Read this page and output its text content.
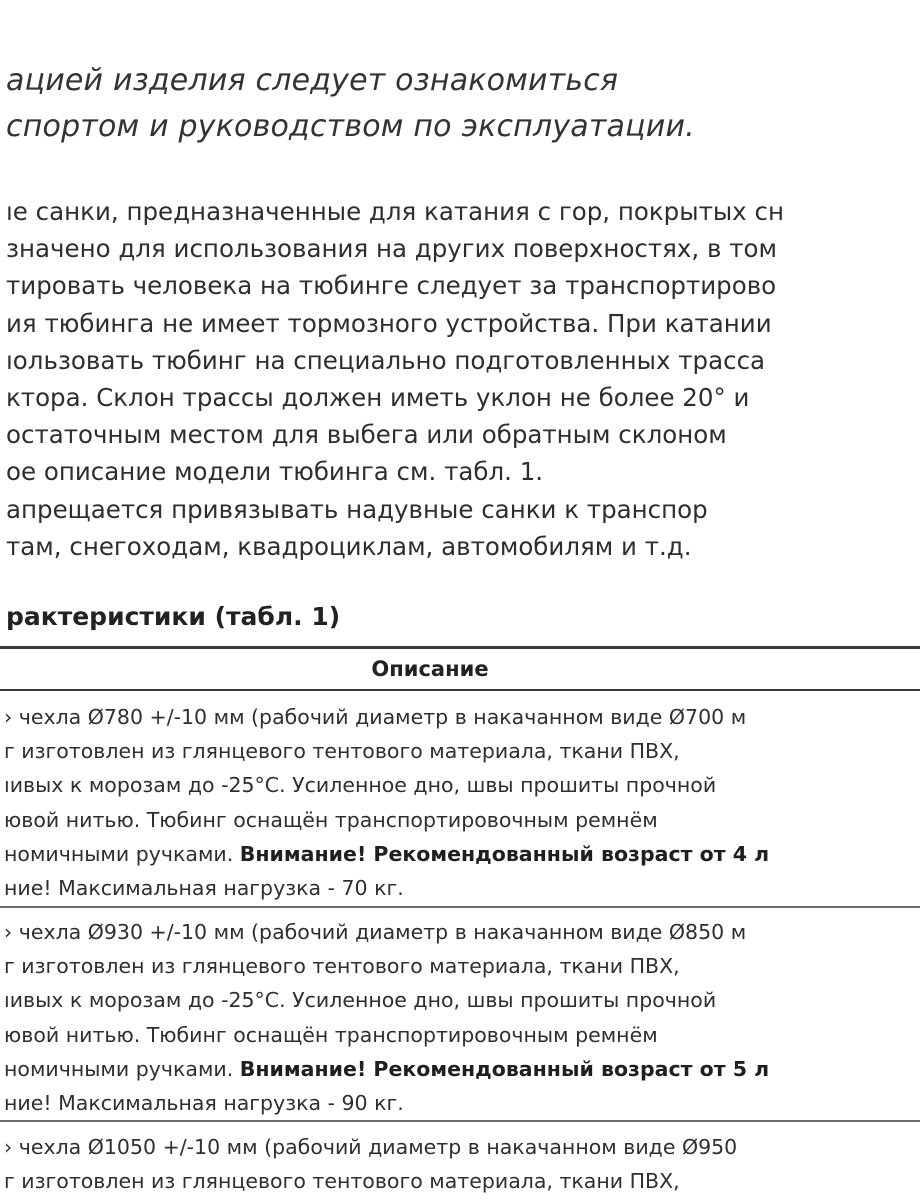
ацией изделия следует ознакомиться
спортом и руководством по эксплуатации.
ıe санки, предназначенные для катания с гор, покрытых сн
значено для использования на других поверхностях, в том
тировать человека на тюбинге следует за транспортирово
ия тюбинга не имеет тормозного устройства. При катании
ıользовать тюбинг на специально подготовленных трасса
ктора. Склон трассы должен иметь уклон не более 20° и
остаточным местом для выбега или обратным склоном
оe описание модели тюбинга см. табл. 1.
апрещается привязывать надувные санки к транспор
там, снегоходам, квадроциклам, автомобилям и т.д.
рактеристики (табл. 1)
Описание
› чехла Ø780 +/-10 мм (рабочий диаметр в накачанном виде Ø700 м
г изготовлен из глянцевого тентового материала, ткани ПВХ,
ıивых к морозам до -25°С. Усиленное дно, швы прошиты прочной
ювой нитью. Тюбинг оснащён транспортировочным ремнём
номичными ручками. Внимание! Рекомендованный возраст от 4 л
ние! Максимальная нагрузка - 70 кг.
› чехла Ø930 +/-10 мм (рабочий диаметр в накачанном виде Ø850 м
г изготовлен из глянцевого тентового материала, ткани ПВХ,
ıивых к морозам до -25°С. Усиленное дно, швы прошиты прочной
ювой нитью. Тюбинг оснащён транспортировочным ремнём
номичными ручками. Внимание! Рекомендованный возраст от 5 л
ние! Максимальная нагрузка - 90 кг.
› чехла Ø1050 +/-10 мм (рабочий диаметр в накачанном виде Ø950
г изготовлен из глянцевого тентового материала, ткани ПВХ,
